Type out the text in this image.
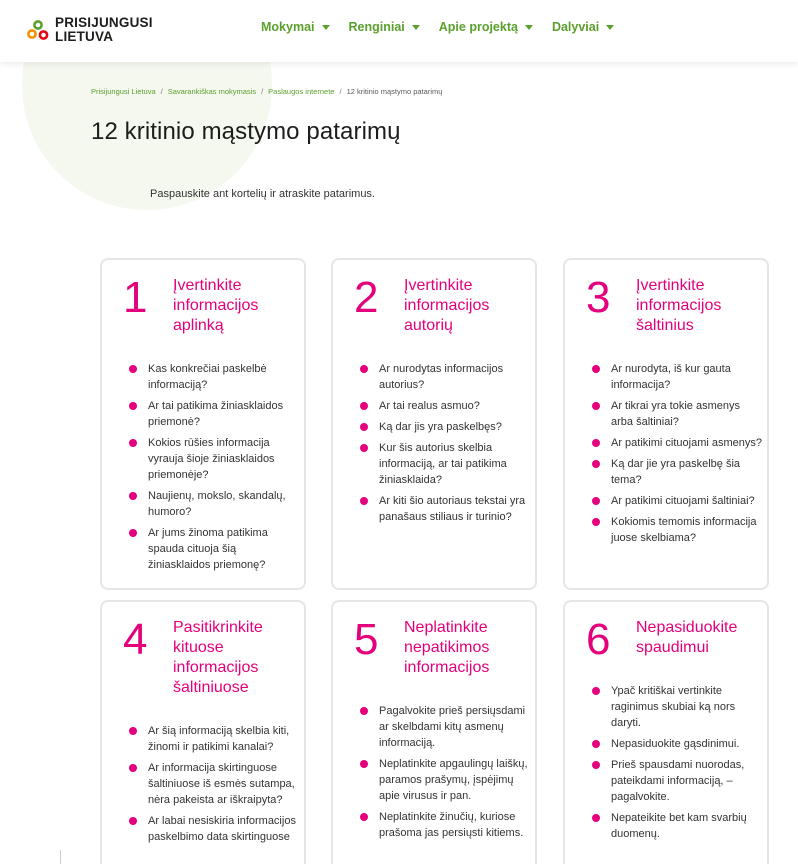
PRISIJUNGUSI
LIETUVA
Mokymai	Renginiai	Apie projektą	Dalyviai
Prisijungusi Lietuva / Savarankiškas mokymasis / Paslaugos internete / 12 kritinio mąstymo patarimų
12 kritinio mąstymo patarimų
Paspauskite ant kortelių ir atraskite patarimus.
1 Įvertinkite informacijos aplinką
Kas konkrečiai paskelbė informaciją?
Ar tai patikima žiniasklaidos priemonė?
Kokios rūšies informacija vyrauja šioje žiniasklaidos priemonėje?
Naujienų, mokslo, skandalų, humoro?
Ar jums žinoma patikima spauda cituoja šią žiniasklaidos priemonę?
2 Įvertinkite informacijos autorių
Ar nurodytas informacijos autorius?
Ar tai realus asmuo?
Ką dar jis yra paskelbęs?
Kur šis autorius skelbia informaciją, ar tai patikima žiniasklaida?
Ar kiti šio autoriaus tekstai yra panašaus stiliaus ir turinio?
3 Įvertinkite informacijos šaltinius
Ar nurodyta, iš kur gauta informacija?
Ar tikrai yra tokie asmenys arba šaltiniai?
Ar patikimi cituojami asmenys?
Ką dar jie yra paskelbę šia tema?
Ar patikimi cituojami šaltiniai?
Kokiomis temomis informacija juose skelbiama?
4 Pasitikrinkite kituose informacijos šaltiniuose
Ar šią informaciją skelbia kiti, žinomi ir patikimi kanalai?
Ar informacija skirtinguose šaltiniuose iš esmės sutampa, nėra pakeista ar iškraipyta?
Ar labai nesiskiria informacijos paskelbimo data skirtinguose
5 Neplatinkite nepatikimos informacijos
Pagalvokite prieš persiųsdami ar skelbdami kitų asmenų informaciją.
Neplatinkite apgaulingų laiškų, paramos prašymų, įspėjimų apie virusus ir pan.
Neplatinkite žinučių, kuriose prašoma jas persiųsti kitiems.
6 Nepasiduokite spaudimui
Ypač kritiškai vertinkite raginimus skubiai ką nors daryti.
Nepasiduokite gąsdinimui.
Prieš spausdami nuorodas, pateikdami informaciją, – pagalvokite.
Nepateikite bet kam svarbių duomenų.
